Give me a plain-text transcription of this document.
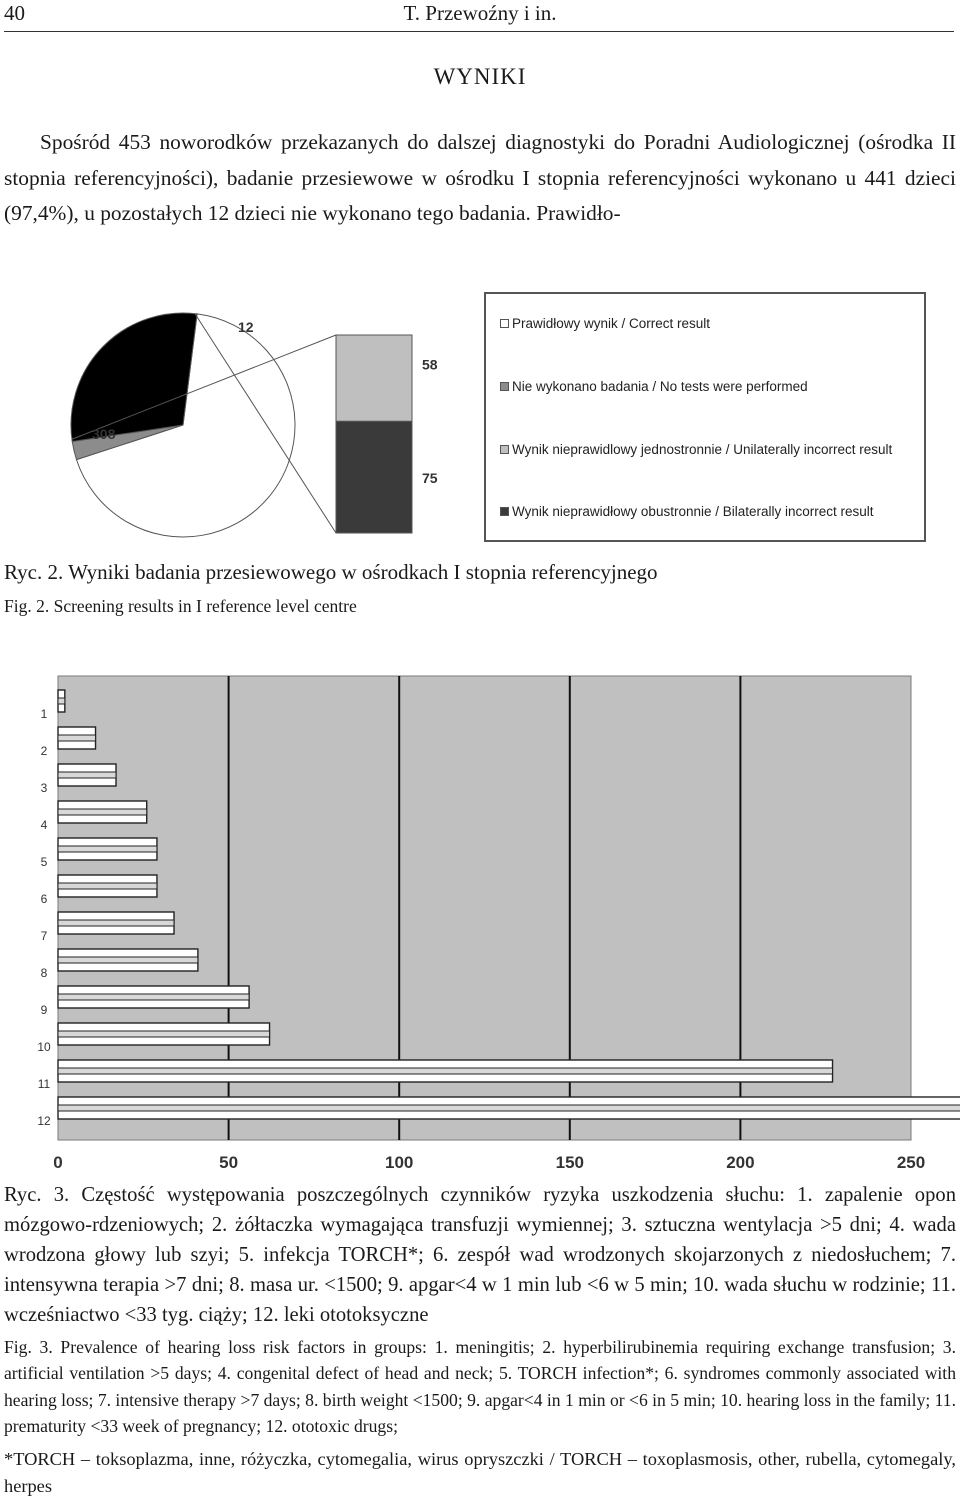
40	T. Przewoźny i in.
WYNIKI

Spośród 453 noworodków przekazanych do dalszej diagnostyki do Poradni Audiologicznej (ośrodka II stopnia referencyjności), badanie przesiewowe w ośrodku I stopnia referencyjności wykonano u 441 dzieci (97,4%), u pozostałych 12 dzieci nie wykonano tego badania. Prawidło-

58
75
308
12	Prawidłowy wynik / Correct result
Nie wykonano badania / No tests were performed
Wynik nieprawidlowy jednostronnie / Unilaterally incorrect result
Wynik nieprawidłowy obustronnie / Bilaterally incorrect result
Ryc. 2. Wyniki badania przesiewowego w ośrodkach I stopnia referencyjnego
Fig. 2. Screening results in I reference level centre
0	50	100	150	200	250
1
2
3
4
5
6
7
8
9
10
11
12

Ryc. 3. Częstość występowania poszczególnych czynników ryzyka uszkodzenia słuchu: 1. zapalenie opon mózgowo-rdzeniowych; 2. żółtaczka wymagająca transfuzji wymiennej; 3. sztuczna wentylacja >5 dni; 4. wada wrodzona głowy lub szyi; 5. infekcja TORCH*; 6. zespół wad wrodzonych skojarzonych z niedosłuchem; 7. intensywna terapia >7 dni; 8. masa ur. <1500; 9. apgar<4 w 1 min lub <6 w 5 min; 10. wada słuchu w rodzinie; 11. wcześniactwo <33 tyg. ciąży; 12. leki ototoksyczne

Fig. 3. Prevalence of hearing loss risk factors in groups: 1. meningitis; 2. hyperbilirubinemia requiring exchange transfusion; 3. artificial ventilation >5 days; 4. congenital defect of head and neck; 5. TORCH infection*; 6. syndromes commonly associated with hearing loss; 7. intensive therapy >7 days; 8. birth weight <1500; 9. apgar<4 in 1 min or <6 in 5 min; 10. hearing loss in the family; 11. prematurity <33 week of pregnancy; 12. ototoxic drugs;

*TORCH – toksoplazma, inne, różyczka, cytomegalia, wirus opryszczki / TORCH – toxoplasmosis, other, rubella, cytomegaly, herpes
